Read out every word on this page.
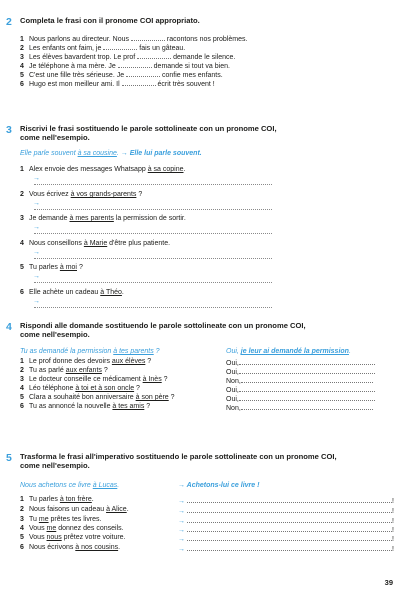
2 Completa le frasi con il pronome COI appropriato.
1 Nous parlons au directeur. Nous	racontons nos problèmes.
2 Les enfants ont faim, je	fais un gâteau.
3 Les élèves bavardent trop. Le prof	demande le silence.
4 Je téléphone à ma mère. Je	demande si tout va bien.
5 C'est une fille très sérieuse. Je	confie mes enfants.
6 Hugo est mon meilleur ami. Il	écrit très souvent !
3 Riscrivi le frasi sostituendo le parole sottolineate con un pronome COI,
come nell'esempio.
Elle parle souvent à sa cousine. → Elle lui parle souvent.
1 Alex envoie des messages Whatsapp à sa copine.
→
2 Vous écrivez à vos grands-parents ?
→
3 Je demande à mes parents la permission de sortir.
→
4 Nous conseillons à Marie d'être plus patiente.
→
5 Tu parles à moi ?
→
6 Elle achète un cadeau à Théo.
→
4 Rispondi alle domande sostituendo le parole sottolineate con un pronome COI,
come nell'esempio.
Tu as demandé la permission à tes parents ?	Oui, je leur ai demandé la permission.
1 Le prof donne des devoirs aux élèves ?	Oui,
2 Tu as parlé aux enfants ?	Oui,
3 Le docteur conseille ce médicament à Inès ?	Non,
4 Léo téléphone à toi et à son oncle ?	Oui,
5 Clara a souhaité bon anniversaire à son père ?	Oui,
6 Tu as annoncé la nouvelle à tes amis ?	Non,
5 Trasforma le frasi all'imperativo sostituendo le parole sottolineate con un pronome COI,
come nell'esempio.
Nous achetons ce livre à Lucas.	→ Achetons-lui ce livre !
1 Tu parles à ton frère.	→	!
2 Nous faisons un cadeau à Alice.	→	!
3 Tu me prêtes tes livres.	→	!
4 Vous me donnez des conseils.	→	!
5 Vous nous prêtez votre voiture.	→	!
6 Nous écrivons à nos cousins.	→	!
39
